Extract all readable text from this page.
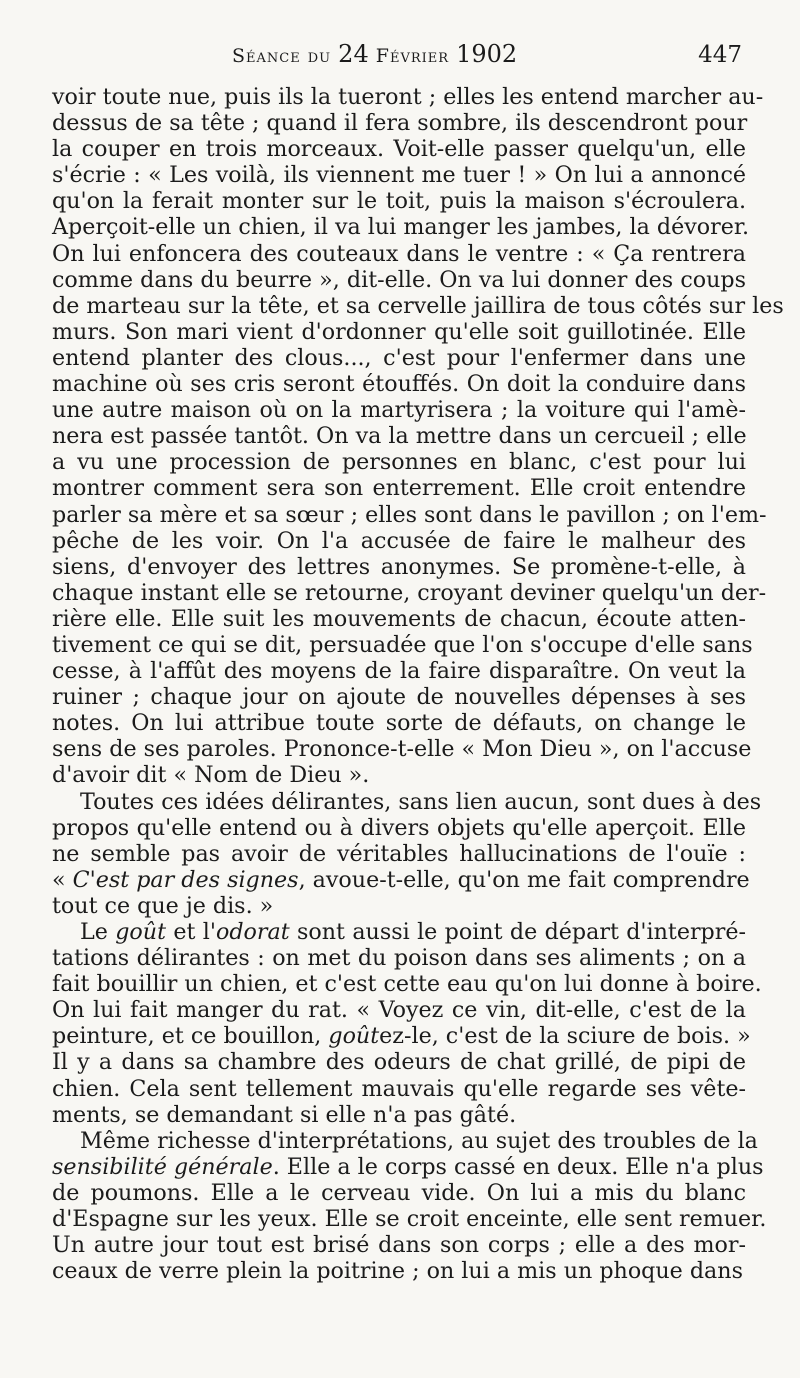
Séance du 24 Février 1902	447

voir toute nue, puis ils la tueront ; elles les entend marcher au-
dessus de sa tête ; quand il fera sombre, ils descendront pour
la couper en trois morceaux. Voit-elle passer quelqu'un, elle
s'écrie : « Les voilà, ils viennent me tuer ! » On lui a annoncé
qu'on la ferait monter sur le toit, puis la maison s'écroulera.
Aperçoit-elle un chien, il va lui manger les jambes, la dévorer.
On lui enfoncera des couteaux dans le ventre : « Ça rentrera
comme dans du beurre », dit-elle. On va lui donner des coups
de marteau sur la tête, et sa cervelle jaillira de tous côtés sur les
murs. Son mari vient d'ordonner qu'elle soit guillotinée. Elle
entend planter des clous..., c'est pour l'enfermer dans une
machine où ses cris seront étouffés. On doit la conduire dans
une autre maison où on la martyrisera ; la voiture qui l'amè-
nera est passée tantôt. On va la mettre dans un cercueil ; elle
a vu une procession de personnes en blanc, c'est pour lui
montrer comment sera son enterrement. Elle croit entendre
parler sa mère et sa sœur ; elles sont dans le pavillon ; on l'em-
pêche de les voir. On l'a accusée de faire le malheur des
siens, d'envoyer des lettres anonymes. Se promène-t-elle, à
chaque instant elle se retourne, croyant deviner quelqu'un der-
rière elle. Elle suit les mouvements de chacun, écoute atten-
tivement ce qui se dit, persuadée que l'on s'occupe d'elle sans
cesse, à l'affût des moyens de la faire disparaître. On veut la
ruiner ; chaque jour on ajoute de nouvelles dépenses à ses
notes. On lui attribue toute sorte de défauts, on change le
sens de ses paroles. Prononce-t-elle « Mon Dieu », on l'accuse
d'avoir dit « Nom de Dieu ».

Toutes ces idées délirantes, sans lien aucun, sont dues à des
propos qu'elle entend ou à divers objets qu'elle aperçoit. Elle
ne semble pas avoir de véritables hallucinations de l'ouïe :
« C'est par des signes, avoue-t-elle, qu'on me fait comprendre
tout ce que je dis. »

Le goût et l'odorat sont aussi le point de départ d'interpré-
tations délirantes : on met du poison dans ses aliments ; on a
fait bouillir un chien, et c'est cette eau qu'on lui donne à boire.
On lui fait manger du rat. « Voyez ce vin, dit-elle, c'est de la
peinture, et ce bouillon, goûtez-le, c'est de la sciure de bois. »
Il y a dans sa chambre des odeurs de chat grillé, de pipi de
chien. Cela sent tellement mauvais qu'elle regarde ses vête-
ments, se demandant si elle n'a pas gâté.

Même richesse d'interprétations, au sujet des troubles de la
sensibilité générale. Elle a le corps cassé en deux. Elle n'a plus
de poumons. Elle a le cerveau vide. On lui a mis du blanc
d'Espagne sur les yeux. Elle se croit enceinte, elle sent remuer.
Un autre jour tout est brisé dans son corps ; elle a des mor-
ceaux de verre plein la poitrine ; on lui a mis un phoque dans
